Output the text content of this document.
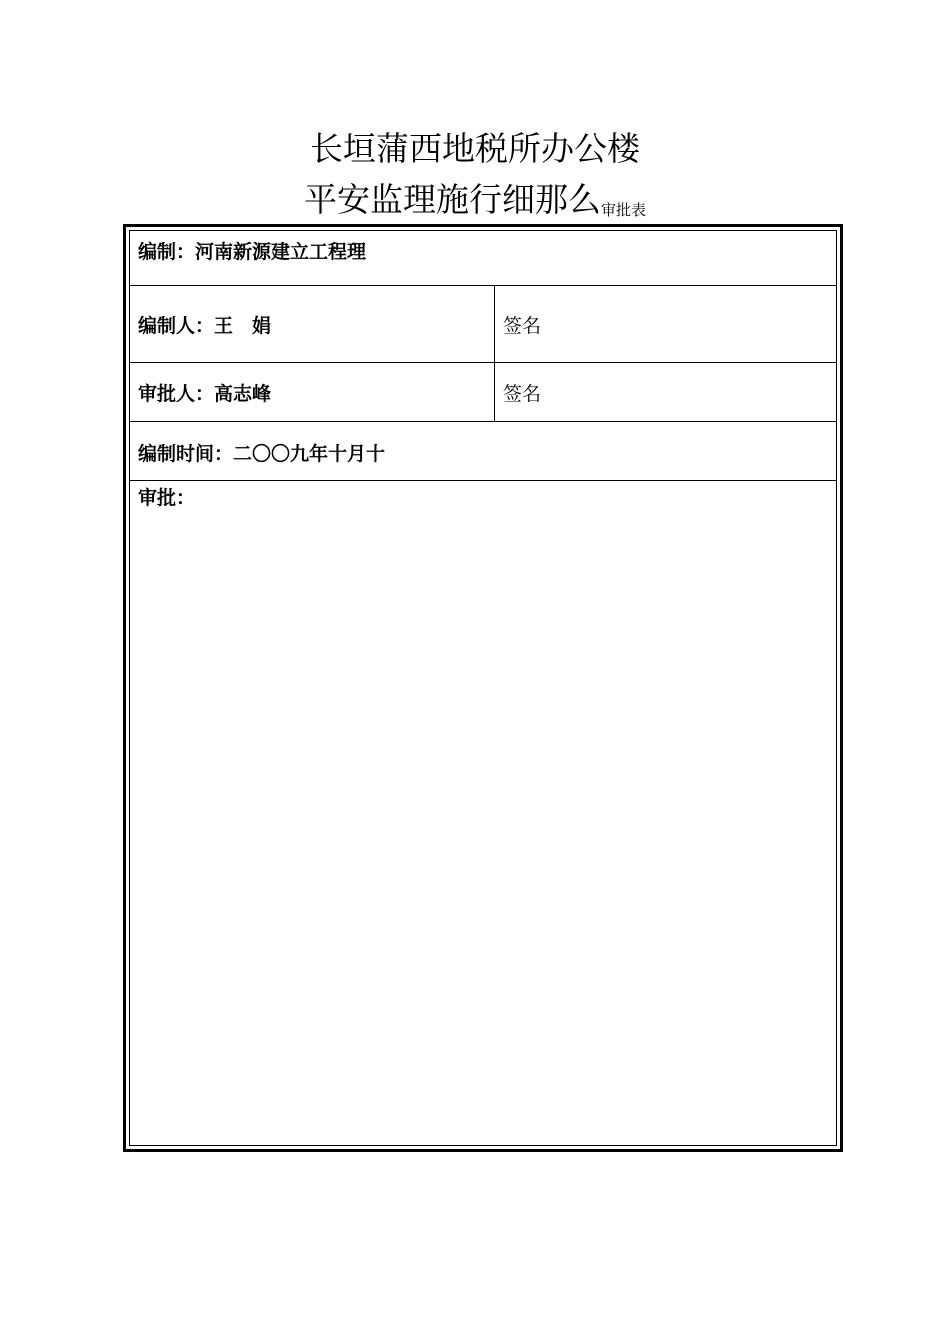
长垣蒲西地税所办公楼
平安监理施行细那么审批表
编制：河南新源建立工程理
编制人：王　娟	签名
审批人：高志峰	签名
编制时间：二〇〇九年十月十
审批：
